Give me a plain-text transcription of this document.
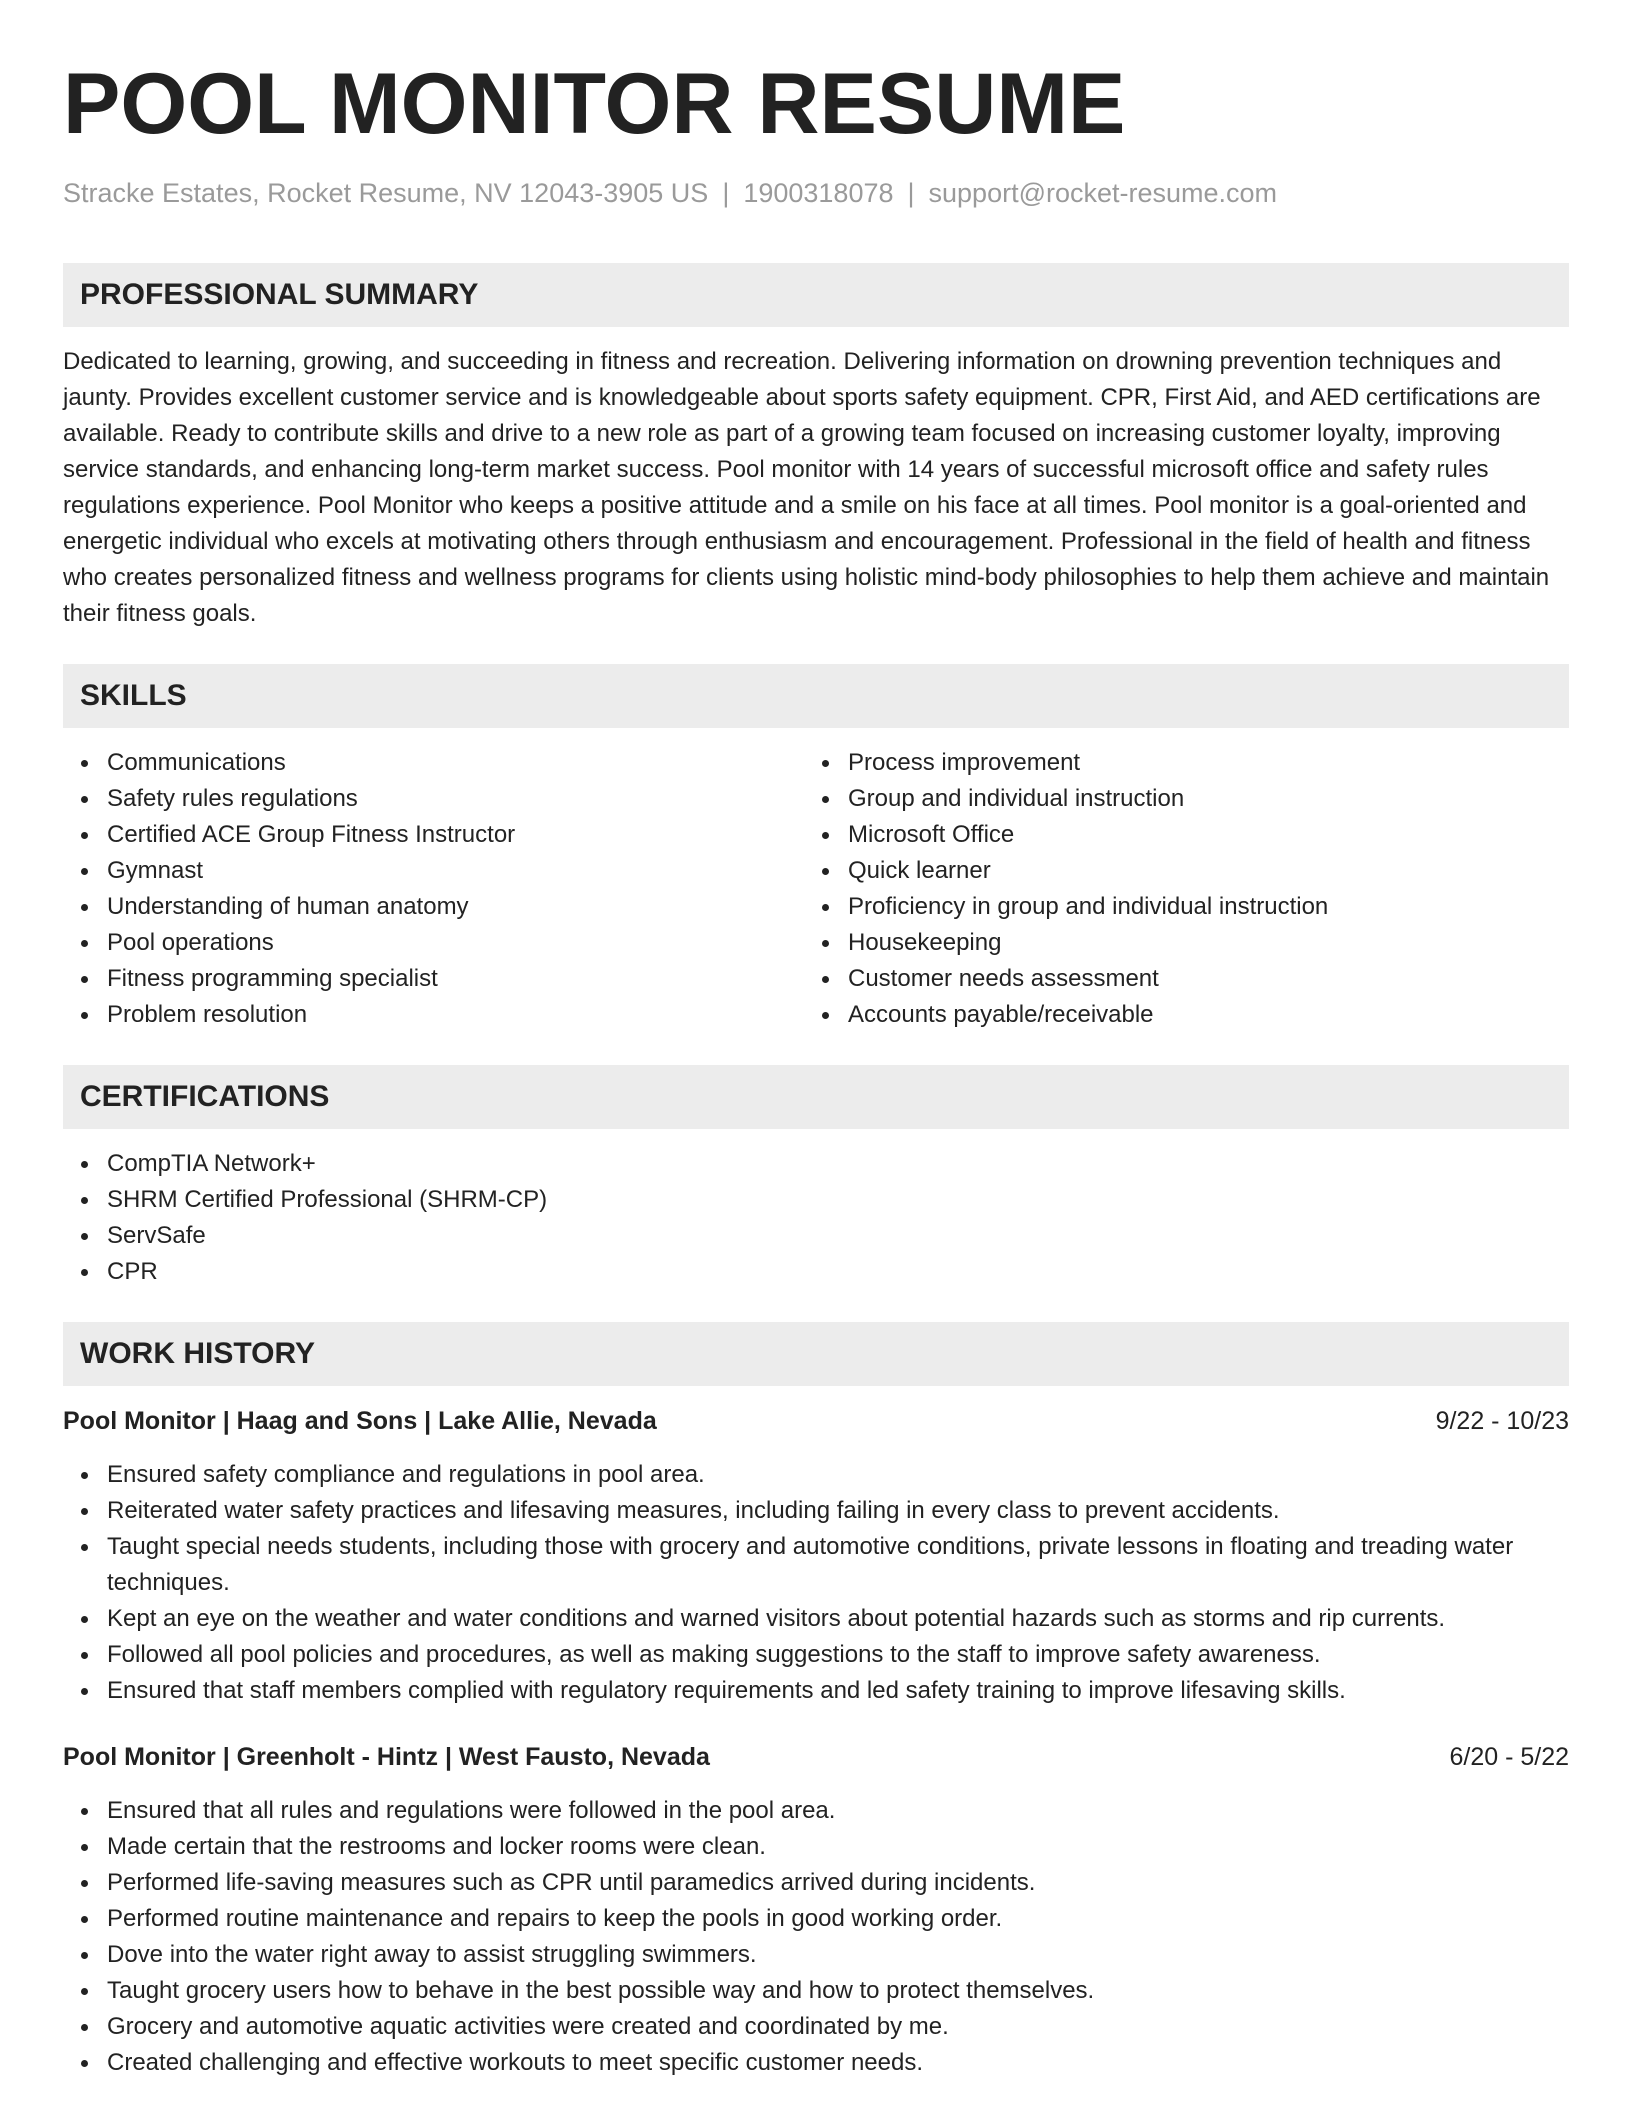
POOL MONITOR RESUME
Stracke Estates, Rocket Resume, NV 12043-3905 US | 1900318078 | support@rocket-resume.com
PROFESSIONAL SUMMARY

Dedicated to learning, growing, and succeeding in fitness and recreation. Delivering information on drowning prevention techniques and jaunty. Provides excellent customer service and is knowledgeable about sports safety equipment. CPR, First Aid, and AED certifications are available. Ready to contribute skills and drive to a new role as part of a growing team focused on increasing customer loyalty, improving service standards, and enhancing long-term market success. Pool monitor with 14 years of successful microsoft office and safety rules regulations experience. Pool Monitor who keeps a positive attitude and a smile on his face at all times. Pool monitor is a goal-oriented and energetic individual who excels at motivating others through enthusiasm and encouragement. Professional in the field of health and fitness who creates personalized fitness and wellness programs for clients using holistic mind-body philosophies to help them achieve and maintain their fitness goals.

SKILLS
Communications
Safety rules regulations
Certified ACE Group Fitness Instructor
Gymnast
Understanding of human anatomy
Pool operations
Fitness programming specialist
Problem resolution
Process improvement
Group and individual instruction
Microsoft Office
Quick learner
Proficiency in group and individual instruction
Housekeeping
Customer needs assessment
Accounts payable/receivable
CERTIFICATIONS
CompTIA Network+
SHRM Certified Professional (SHRM-CP)
ServSafe
CPR
WORK HISTORY
Pool Monitor | Haag and Sons | Lake Allie, Nevada	9/22 - 10/23
Ensured safety compliance and regulations in pool area.
Reiterated water safety practices and lifesaving measures, including failing in every class to prevent accidents.
Taught special needs students, including those with grocery and automotive conditions, private lessons in floating and treading water techniques.
Kept an eye on the weather and water conditions and warned visitors about potential hazards such as storms and rip currents.
Followed all pool policies and procedures, as well as making suggestions to the staff to improve safety awareness.
Ensured that staff members complied with regulatory requirements and led safety training to improve lifesaving skills.
Pool Monitor | Greenholt - Hintz | West Fausto, Nevada	6/20 - 5/22
Ensured that all rules and regulations were followed in the pool area.
Made certain that the restrooms and locker rooms were clean.
Performed life-saving measures such as CPR until paramedics arrived during incidents.
Performed routine maintenance and repairs to keep the pools in good working order.
Dove into the water right away to assist struggling swimmers.
Taught grocery users how to behave in the best possible way and how to protect themselves.
Grocery and automotive aquatic activities were created and coordinated by me.
Created challenging and effective workouts to meet specific customer needs.
